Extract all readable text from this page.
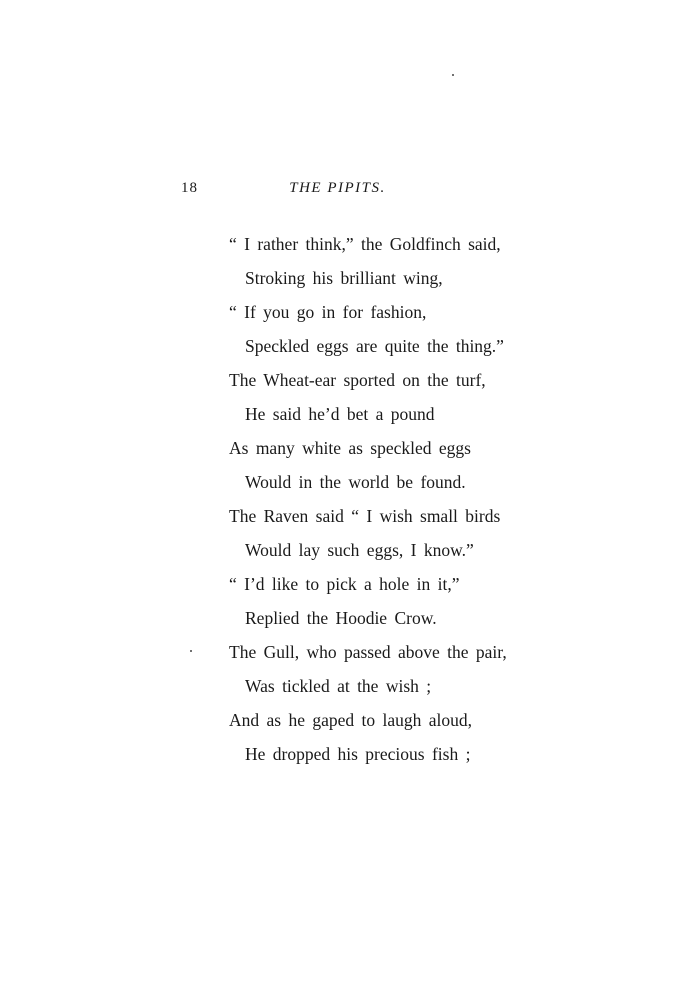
18	THE PIPITS.
“ I rather think,” the Goldfinch said,
Stroking his brilliant wing,
“ If you go in for fashion,
Speckled eggs are quite the thing.”
The Wheat-ear sported on the turf,
He said he’d bet a pound
As many white as speckled eggs
Would in the world be found.
The Raven said “ I wish small birds
Would lay such eggs, I know.”
“ I’d like to pick a hole in it,”
Replied the Hoodie Crow.
The Gull, who passed above the pair,
Was tickled at the wish ;
And as he gaped to laugh aloud,
He dropped his precious fish ;
